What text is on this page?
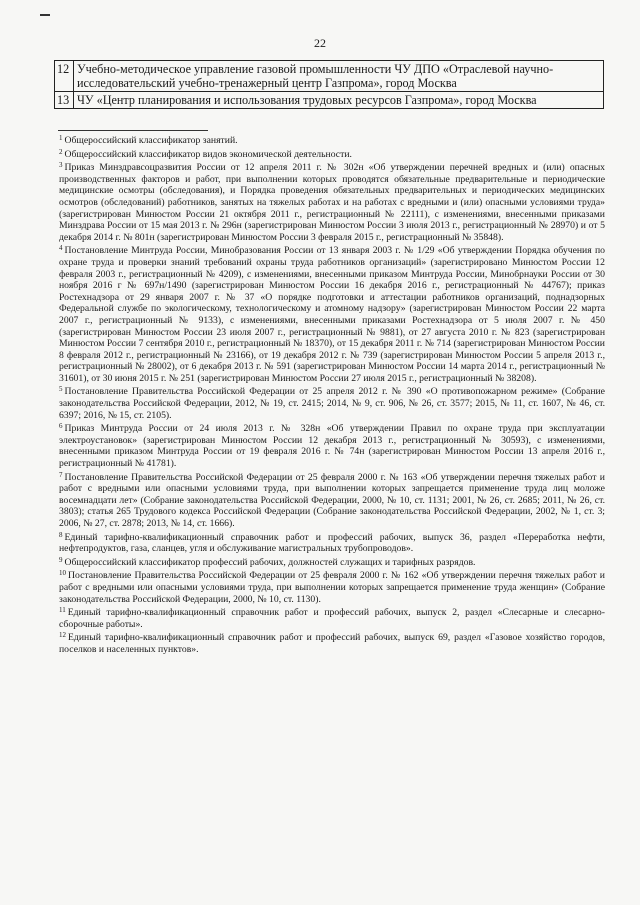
22
12	Учебно-методическое управление газовой промышленности ЧУ ДПО «Отраслевой научно-исследовательский учебно-тренажерный центр Газпрома», город Москва
13	ЧУ «Центр планирования и использования трудовых ресурсов Газпрома», город Москва

$^1$ Общероссийский классификатор занятий.

$^2$ Общероссийский классификатор видов экономической деятельности.

$^3$ Приказ Минздравсоцразвития России от 12 апреля 2011 г. № 302н «Об утверждении перечней вредных и (или) опасных производственных факторов и работ, при выполнении которых проводятся обязательные предварительные и периодические медицинские осмотры (обследования), и Порядка проведения обязательных предварительных и периодических медицинских осмотров (обследований) работников, занятых на тяжелых работах и на работах с вредными и (или) опасными условиями труда» (зарегистрирован Минюстом России 21 октября 2011 г., регистрационный № 22111), с изменениями, внесенными приказами Минздрава России от 15 мая 2013 г. № 296н (зарегистрирован Минюстом России 3 июля 2013 г., регистрационный № 28970) и от 5 декабря 2014 г. № 801н (зарегистрирован Минюстом России 3 февраля 2015 г., регистрационный № 35848).

$^4$ Постановление Минтруда России, Минобразования России от 13 января 2003 г. № 1/29 «Об утверждении Порядка обучения по охране труда и проверки знаний требований охраны труда работников организаций» (зарегистрировано Минюстом России 12 февраля 2003 г., регистрационный № 4209), с изменениями, внесенными приказом Минтруда России, Минобрнауки России от 30 ноября 2016 г № 697н/1490 (зарегистрирован Минюстом России 16 декабря 2016 г., регистрационный № 44767); приказ Ростехнадзора от 29 января 2007 г. № 37 «О порядке подготовки и аттестации работников организаций, поднадзорных Федеральной службе по экологическому, технологическому и атомному надзору» (зарегистрирован Минюстом России 22 марта 2007 г., регистрационный № 9133), с изменениями, внесенными приказами Ростехнадзора от 5 июля 2007 г. № 450 (зарегистрирован Минюстом России 23 июля 2007 г., регистрационный № 9881), от 27 августа 2010 г. № 823 (зарегистрирован Минюстом России 7 сентября 2010 г., регистрационный № 18370), от 15 декабря 2011 г. № 714 (зарегистрирован Минюстом России 8 февраля 2012 г., регистрационный № 23166), от 19 декабря 2012 г. № 739 (зарегистрирован Минюстом России 5 апреля 2013 г., регистрационный № 28002), от 6 декабря 2013 г. № 591 (зарегистрирован Минюстом России 14 марта 2014 г., регистрационный № 31601), от 30 июня 2015 г. № 251 (зарегистрирован Минюстом России 27 июля 2015 г., регистрационный № 38208).

$^5$ Постановление Правительства Российской Федерации от 25 апреля 2012 г. № 390 «О противопожарном режиме» (Собрание законодательства Российской Федерации, 2012, № 19, ст. 2415; 2014, № 9, ст. 906, № 26, ст. 3577; 2015, № 11, ст. 1607, № 46, ст. 6397; 2016, № 15, ст. 2105).

$^6$ Приказ Минтруда России от 24 июля 2013 г. № 328н «Об утверждении Правил по охране труда при эксплуатации электроустановок» (зарегистрирован Минюстом России 12 декабря 2013 г., регистрационный № 30593), с изменениями, внесенными приказом Минтруда России от 19 февраля 2016 г. № 74н (зарегистрирован Минюстом России 13 апреля 2016 г., регистрационный № 41781).

$^7$ Постановление Правительства Российской Федерации от 25 февраля 2000 г. № 163 «Об утверждении перечня тяжелых работ и работ с вредными или опасными условиями труда, при выполнении которых запрещается применение труда лиц моложе восемнадцати лет» (Собрание законодательства Российской Федерации, 2000, № 10, ст. 1131; 2001, № 26, ст. 2685; 2011, № 26, ст. 3803); статья 265 Трудового кодекса Российской Федерации (Собрание законодательства Российской Федерации, 2002, № 1, ст. 3; 2006, № 27, ст. 2878; 2013, № 14, ст. 1666).

$^8$ Единый тарифно-квалификационный справочник работ и профессий рабочих, выпуск 36, раздел «Переработка нефти, нефтепродуктов, газа, сланцев, угля и обслуживание магистральных трубопроводов».

$^9$ Общероссийский классификатор профессий рабочих, должностей служащих и тарифных разрядов.

$^{10}$ Постановление Правительства Российской Федерации от 25 февраля 2000 г. № 162 «Об утверждении перечня тяжелых работ и работ с вредными или опасными условиями труда, при выполнении которых запрещается применение труда женщин» (Собрание законодательства Российской Федерации, 2000, № 10, ст. 1130).

$^{11}$ Единый тарифно-квалификационный справочник работ и профессий рабочих, выпуск 2, раздел «Слесарные и слесарно-сборочные работы».

$^{12}$ Единый тарифно-квалификационный справочник работ и профессий рабочих, выпуск 69, раздел «Газовое хозяйство городов, поселков и населенных пунктов».
